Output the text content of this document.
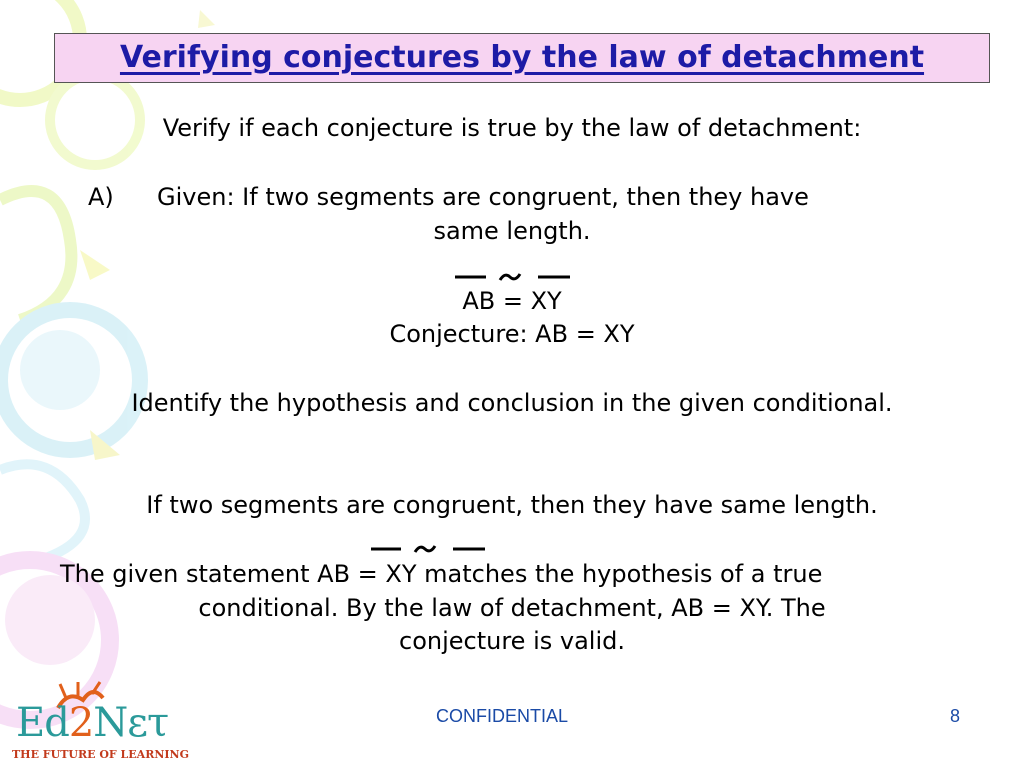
Verifying conjectures by the law of detachment
Verify if each conjecture is true by the law of detachment:
A) Given: If two segments are congruent, then they have
same length.
AB = XY
Conjecture: AB = XY
Identify the hypothesis and conclusion in the given conditional.
If two segments are congruent, then they have same length.
The given statement AB = XY matches the hypothesis of a true
conditional. By the law of detachment, AB = XY. The
conjecture is valid.
Ed2Nετ
THE FUTURE OF LEARNING
CONFIDENTIAL	8
